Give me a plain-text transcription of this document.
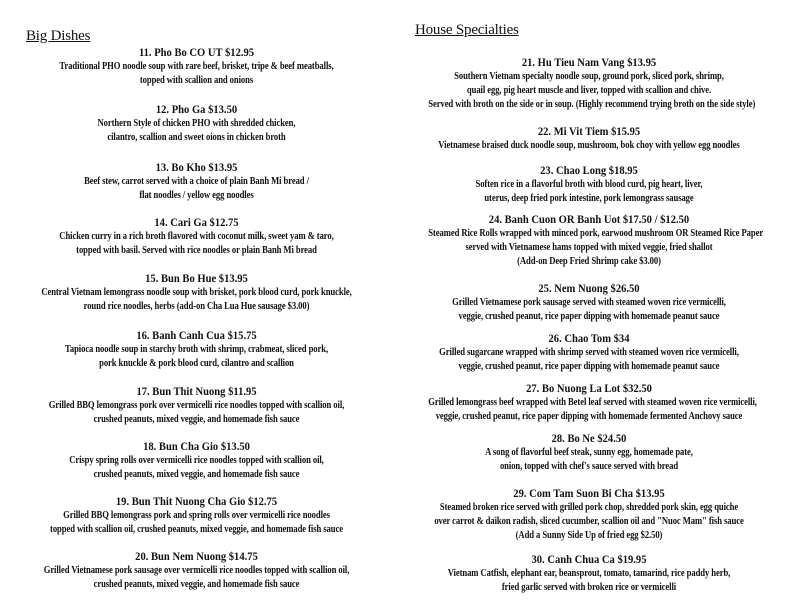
Big Dishes
11. Pho Bo CO UT $12.95
Traditional PHO noodle soup with rare beef, brisket, tripe & beef meatballs,
topped with scallion and onions
12. Pho Ga $13.50
Northern Style of chicken PHO with shredded chicken,
cilantro, scallion and sweet oions in chicken broth
13. Bo Kho $13.95
Beef stew, carrot served with a choice of plain Banh Mi bread /
flat noodles / yellow egg noodles
14. Cari Ga $12.75
Chicken curry in a rich broth flavored with coconut milk, sweet yam & taro,
topped with basil. Served with rice noodles or plain Banh Mi bread
15. Bun Bo Hue $13.95
Central Vietnam lemongrass noodle soup with brisket, pork blood curd, pork knuckle,
round rice noodles, herbs (add-on Cha Lua Hue sausage $3.00)
16. Banh Canh Cua $15.75
Tapioca noodle soup in starchy broth with shrimp, crabmeat, sliced pork,
pork knuckle & pork blood curd, cilantro and scallion
17. Bun Thit Nuong $11.95
Grilled BBQ lemongrass pork over vermicelli rice noodles topped with scallion oil,
crushed peanuts, mixed veggie, and homemade fish sauce
18. Bun Cha Gio $13.50
Crispy spring rolls over vermicelli rice noodles topped with scallion oil,
crushed peanuts, mixed veggie, and homemade fish sauce
19. Bun Thit Nuong Cha Gio $12.75
Grilled BBQ lemongrass pork and spring rolls over vermicelli rice noodles
topped with scallion oil, crushed peanuts, mixed veggie, and homemade fish sauce
20. Bun Nem Nuong $14.75
Grilled Vietnamese pork sausage over vermicelli rice noodles topped with scallion oil,
crushed peanuts, mixed veggie, and homemade fish sauce
House Specialties
21. Hu Tieu Nam Vang $13.95
Southern Vietnam specialty noodle soup, ground pork, sliced pork, shrimp,
quail egg, pig heart muscle and liver, topped with scallion and chive.
Served with broth on the side or in soup. (Highly recommend trying broth on the side style)
22. Mi Vit Tiem $15.95
Vietnamese braised duck noodle soup, mushroom, bok choy with yellow egg noodles
23. Chao Long $18.95
Soften rice in a flavorful broth with blood curd, pig heart, liver,
uterus, deep fried pork intestine, pork lemongrass sausage
24. Banh Cuon OR Banh Uot $17.50 / $12.50
Steamed Rice Rolls wrapped with minced pork, earwood mushroom OR Steamed Rice Paper
served with Vietnamese hams topped with mixed veggie, fried shallot
(Add-on Deep Fried Shrimp cake $3.00)
25. Nem Nuong $26.50
Grilled Vietnamese pork sausage served with steamed woven rice vermicelli,
veggie, crushed peanut, rice paper dipping with homemade peanut sauce
26. Chao Tom $34
Grilled sugarcane wrapped with shrimp served with steamed woven rice vermicelli,
veggie, crushed peanut, rice paper dipping with homemade peanut sauce
27. Bo Nuong La Lot $32.50
Grilled lemongrass beef wrapped with Betel leaf served with steamed woven rice vermicelli,
veggie, crushed peanut, rice paper dipping with homemade fermented Anchovy sauce
28. Bo Ne $24.50
A song of flavorful beef steak, sunny egg, homemade pate,
onion, topped with chef's sauce served with bread
29. Com Tam Suon Bi Cha $13.95
Steamed broken rice served with grilled pork chop, shredded pork skin, egg quiche
over carrot & daikon radish, sliced cucumber, scallion oil and "Nuoc Mam" fish sauce
(Add a Sunny Side Up of fried egg $2.50)
30. Canh Chua Ca $19.95
Vietnam Catfish, elephant ear, beansprout, tomato, tamarind, rice paddy herb,
fried garlic served with broken rice or vermicelli
